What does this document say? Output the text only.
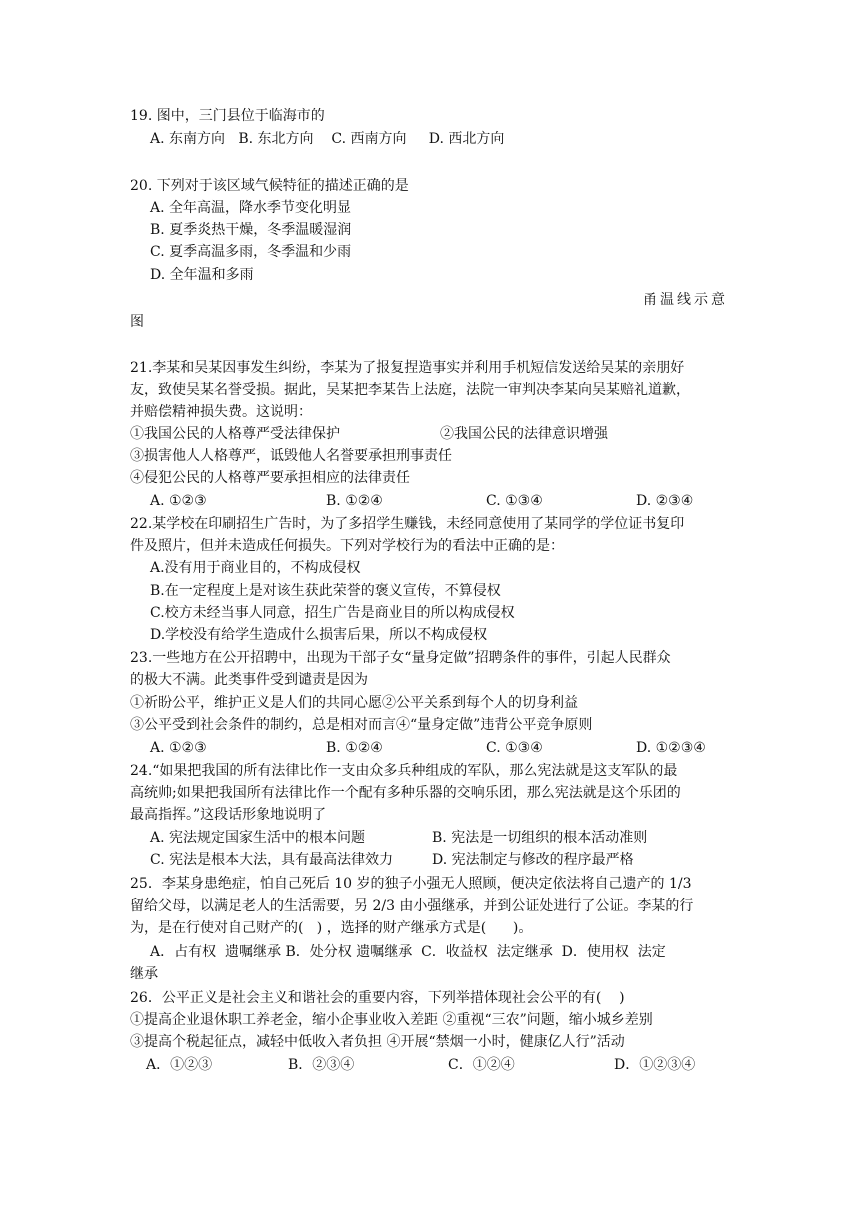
19. 图中，三门县位于临海市的
A. 东南方向   B. 东北方向    C. 西南方向     D. 西北方向
20. 下列对于该区域气候特征的描述正确的是
A. 全年高温，降水季节变化明显
B. 夏季炎热干燥，冬季温暖湿润
C. 夏季高温多雨，冬季温和少雨
D. 全年温和多雨
甬温线示意
图
21.李某和吴某因事发生纠纷，李某为了报复捏造事实并利用手机短信发送给吴某的亲朋好
友，致使吴某名誉受损。据此，吴某把李某告上法庭，法院一审判决李某向吴某赔礼道歉，
并赔偿精神损失费。这说明：
①我国公民的人格尊严受法律保护	②我国公民的法律意识增强
③损害他人人格尊严，诋毁他人名誉要承担刑事责任
④侵犯公民的人格尊严要承担相应的法律责任
A. ①②③	B. ①②④	C. ①③④	D. ②③④
22.某学校在印刷招生广告时，为了多招学生赚钱，未经同意使用了某同学的学位证书复印
件及照片，但并未造成任何损失。下列对学校行为的看法中正确的是：
A.没有用于商业目的，不构成侵权
B.在一定程度上是对该生获此荣誉的褒义宣传，不算侵权
C.校方未经当事人同意，招生广告是商业目的所以构成侵权
D.学校没有给学生造成什么损害后果，所以不构成侵权
23.一些地方在公开招聘中，出现为干部子女“量身定做”招聘条件的事件，引起人民群众
的极大不满。此类事件受到谴责是因为
①祈盼公平，维护正义是人们的共同心愿②公平关系到每个人的切身利益
③公平受到社会条件的制约，总是相对而言④“量身定做”违背公平竞争原则
A. ①②③	B. ①②④	C. ①③④	D. ①②③④
24.“如果把我国的所有法律比作一支由众多兵种组成的军队，那么宪法就是这支军队的最
高统帅;如果把我国所有法律比作一个配有多种乐器的交响乐团，那么宪法就是这个乐团的
最高指挥。”这段话形象地说明了
A. 宪法规定国家生活中的根本问题	B. 宪法是一切组织的根本活动准则
C. 宪法是根本大法，具有最高法律效力	D. 宪法制定与修改的程序最严格
25．李某身患绝症，怕自己死后 10 岁的独子小强无人照顾，便决定依法将自己遗产的 1/3
留给父母，以满足老人的生活需要，另 2/3 由小强继承，并到公证处进行了公证。李某的行
为，是在行使对自己财产的(   ) ，选择的财产继承方式是(      )。
A．占有权  遗嘱继承 B．处分权 遗嘱继承  C．收益权  法定继承  D．使用权  法定
继承
26．公平正义是社会主义和谐社会的重要内容，下列举措体现社会公平的有(    )
①提高企业退休职工养老金，缩小企事业收入差距 ②重视“三农”问题，缩小城乡差别
③提高个税起征点，减轻中低收入者负担 ④开展“禁烟一小时，健康亿人行”活动
A．①②③	B．②③④	C．①②④	D．①②③④
